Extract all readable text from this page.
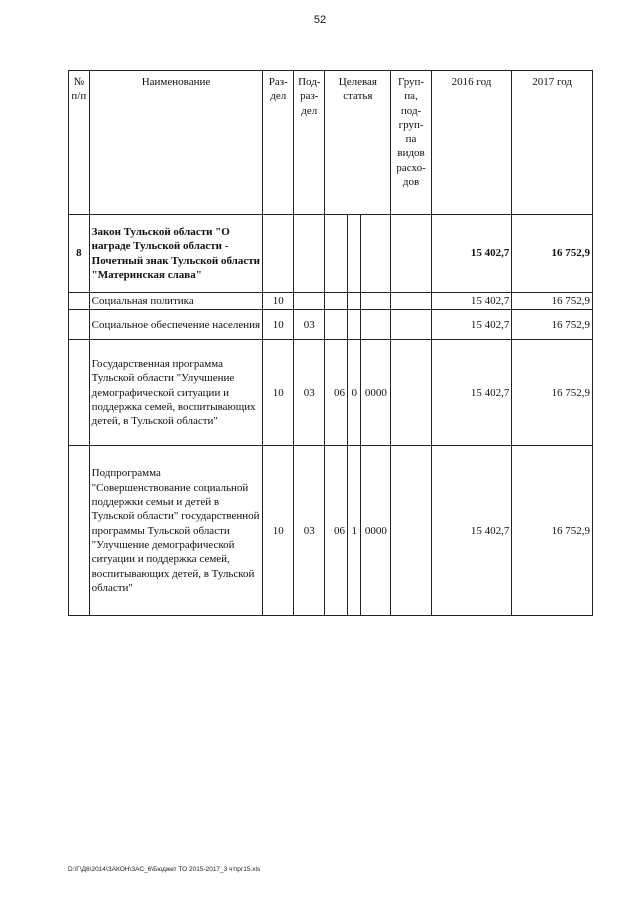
52
№ п/п	Наименование	Раз-дел	Под-раз-дел	Целевая статья			Груп-па, под-груп-па видов расхо-дов	2016 год	2017 год
8	Закон Тульской области "О награде Тульской области - Почетный знак Тульской области "Материнская слава"							15 402,7	16 752,9
	Социальная политика	10						15 402,7	16 752,9
	Социальное обеспечение населения	10	03					15 402,7	16 752,9
	Государственная программа Тульской области "Улучшение демографической ситуации и поддержка семей, воспитывающих детей, в Тульской области"	10	03	06	0	0000		15 402,7	16 752,9
	Подпрограмма "Совершенствование социальной поддержки семьи и детей в Тульской области" государственной программы Тульской области "Улучшение демографической ситуации и поддержка семей, воспитывающих детей, в Тульской области"	10	03	06	1	0000		15 402,7	16 752,9
D:\Г\Д6\2014\ЗАКОН\ЗАС_6\Бюджет ТО 2015-2017_3 чт\рг15.xls
